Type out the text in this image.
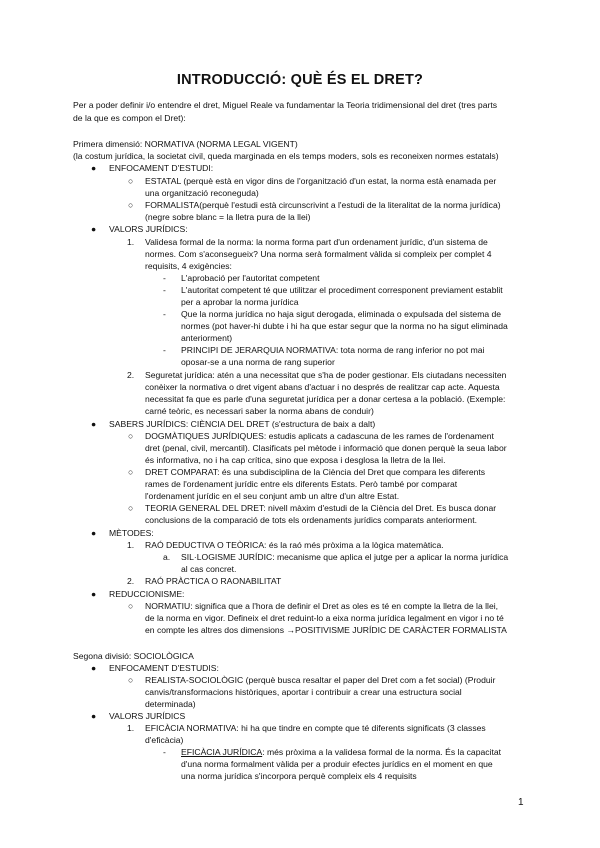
INTRODUCCIÓ: QUÈ ÉS EL DRET?

Per a poder definir i/o entendre el dret, Miguel Reale va fundamentar la Teoria tridimensional del dret (tres parts

de la que es compon el Dret):

Primera dimensió: NORMATIVA (NORMA LEGAL VIGENT)

(la costum jurídica, la societat civil, queda marginada en els temps moders, sols es reconeixen normes estatals)

● ENFOCAMENT D'ESTUDI:

○ ESTATAL (perquè està en vigor dins de l'organització d'un estat, la norma està enamada per

una organització reconeguda)

○ FORMALISTA(perquè l'estudi està circunscrivint a l'estudi de la literalitat de la norma jurídica)

(negre sobre blanc = la lletra pura de la llei)

● VALORS JURÍDICS:

1. Validesa formal de la norma: la norma forma part d'un ordenament jurídic, d'un sistema de

normes. Com s'aconsegueix? Una norma serà formalment vàlida si compleix per complet 4

requisits, 4 exigències:

- L'aprobació per l'autoritat competent

- L'autoritat competent té que utilitzar el procediment corresponent previament establit

per a aprobar la norma jurídica

- Que la norma jurídica no haja sigut derogada, eliminada o expulsada del sistema de

normes (pot haver-hi dubte i hi ha que estar segur que la norma no ha sigut eliminada

anteriorment)

- PRINCIPI DE JERARQUIA NORMATIVA: tota norma de rang inferior no pot mai

oposar-se a una norma de rang superior

2. Seguretat jurídica: atén a una necessitat que s'ha de poder gestionar. Els ciutadans necessiten

conèixer la normativa o dret vigent abans d'actuar i no després de realitzar cap acte. Aquesta

necessitat fa que es parle d'una seguretat jurídica per a donar certesa a la població. (Exemple:

carné teòric, es necessari saber la norma abans de conduir)

● SABERS JURÍDICS: CIÈNCIA DEL DRET (s'estructura de baix a dalt)

○ DOGMÀTIQUES JURÍDIQUES: estudis aplicats a cadascuna de les rames de l'ordenament

dret (penal, civil, mercantil). Clasificats pel mètode i informació que donen perquè la seua labor

és informativa, no i ha cap crítica, sino que exposa i desglosa la lletra de la llei.

○ DRET COMPARAT: és una subdisciplina de la Ciència del Dret que compara les diferents

rames de l'ordenament jurídic entre els diferents Estats. Però també por comparat

l'ordenament jurídic en el seu conjunt amb un altre d'un altre Estat.

○ TEORIA GENERAL DEL DRET: nivell màxim d'estudi de la Ciència del Dret. Es busca donar

conclusions de la comparació de tots els ordenaments jurídics comparats anteriorment.

● MÈTODES:

1. RAÓ DEDUCTIVA O TEÒRICA: és la raó més pròxima a la lògica matemàtica.

a. SIL·LOGISME JURÍDIC: mecanisme que aplica el jutge per a aplicar la norma jurídica

al cas concret.

2. RAÓ PRÀCTICA O RAONABILITAT

● REDUCCIONISME:

○ NORMATIU: significa que a l'hora de definir el Dret as oles es té en compte la lletra de la llei,

de la norma en vigor. Defineix el dret reduint-lo a eixa norma jurídica legalment en vigor i no té

en compte les altres dos dimensions →POSITIVISME JURÍDIC DE CARÀCTER FORMALISTA

Segona divisió: SOCIOLÒGICA

● ENFOCAMENT D'ESTUDIS:

○ REALISTA-SOCIOLÒGIC (perquè busca resaltar el paper del Dret com a fet social) (Produir

canvis/transformacions històriques, aportar i contribuir a crear una estructura social

determinada)

● VALORS JURÍDICS

1. EFICÀCIA NORMATIVA: hi ha que tindre en compte que té diferents significats (3 classes

d'eficàcia)

- EFICÀCIA JURÍDICA: més pròxima a la validesa formal de la norma. És la capacitat

d'una norma formalment vàlida per a produir efectes jurídics en el moment en que

una norma jurídica s'incorpora perquè compleix els 4 requisits

1
